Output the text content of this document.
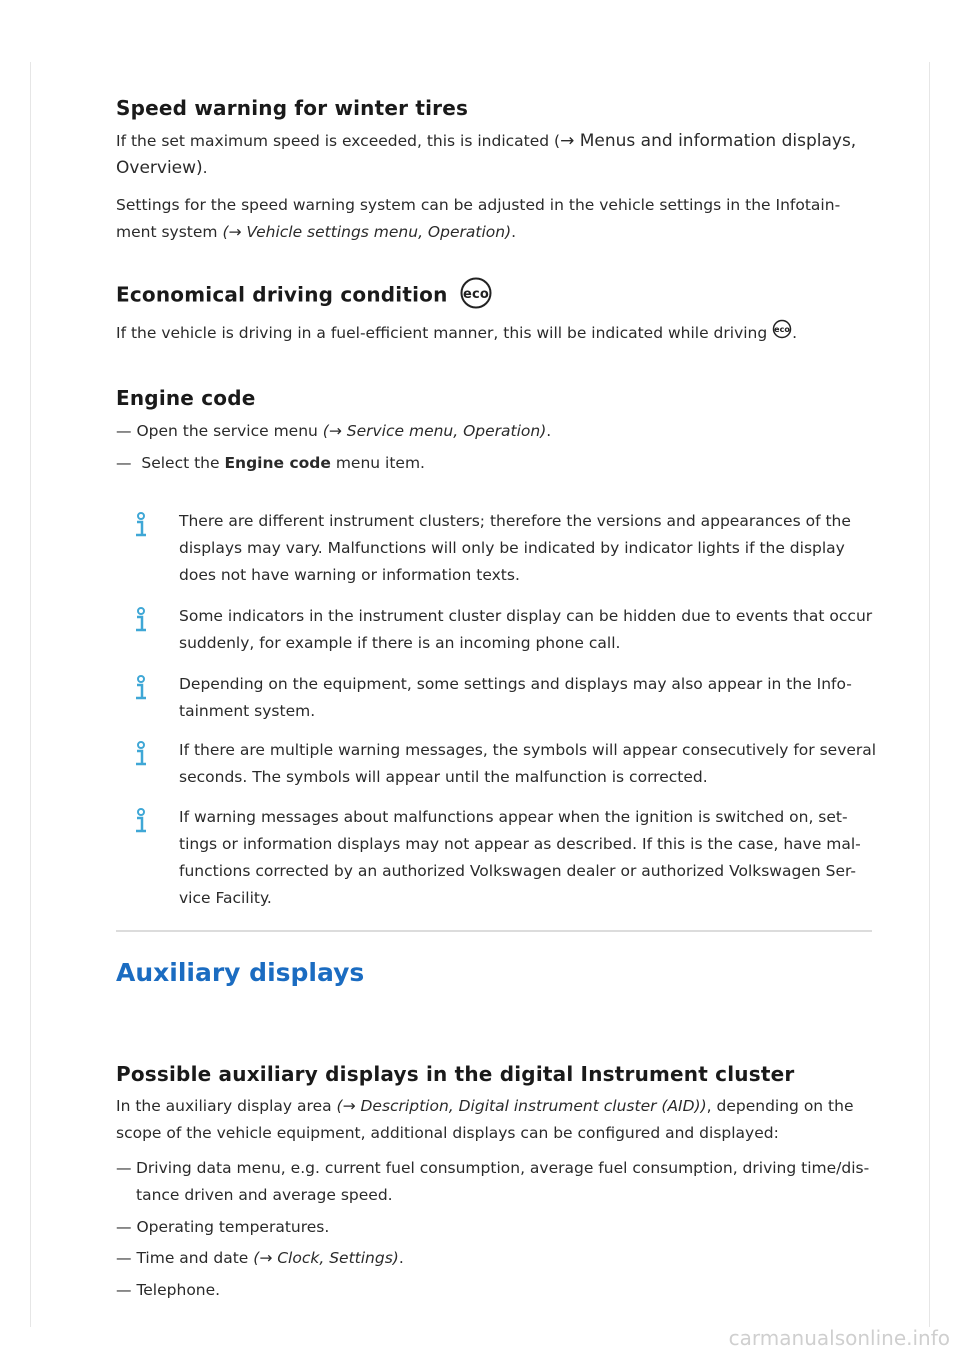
Speed warning for winter tires

If the set maximum speed is exceeded, this is indicated (→ Menus and information displays, Overview).

Settings for the speed warning system can be adjusted in the vehicle settings in the Infotain-ment system (→ Vehicle settings menu, Operation).

Economical driving condition eco

If the vehicle is driving in a fuel-efficient manner, this will be indicated while driving eco .

Engine code
— Open the service menu (→ Service menu, Operation).
— Select the Engine code menu item.
There are different instrument clusters; therefore the versions and appearances of the displays may vary. Malfunctions will only be indicated by indicator lights if the display does not have warning or information texts.
Some indicators in the instrument cluster display can be hidden due to events that occur suddenly, for example if there is an incoming phone call.
Depending on the equipment, some settings and displays may also appear in the Info-tainment system.
If there are multiple warning messages, the symbols will appear consecutively for several seconds. The symbols will appear until the malfunction is corrected.
If warning messages about malfunctions appear when the ignition is switched on, set-tings or information displays may not appear as described. If this is the case, have mal-functions corrected by an authorized Volkswagen dealer or authorized Volkswagen Ser-vice Facility.
Auxiliary displays
Possible auxiliary displays in the digital Instrument cluster

In the auxiliary display area (→ Description, Digital instrument cluster (AID)), depending on the scope of the vehicle equipment, additional displays can be configured and displayed:

— Driving data menu, e.g. current fuel consumption, average fuel consumption, driving time/dis-tance driven and average speed.
— Operating temperatures.
— Time and date (→ Clock, Settings).
— Telephone.
carmanualsonline.info
